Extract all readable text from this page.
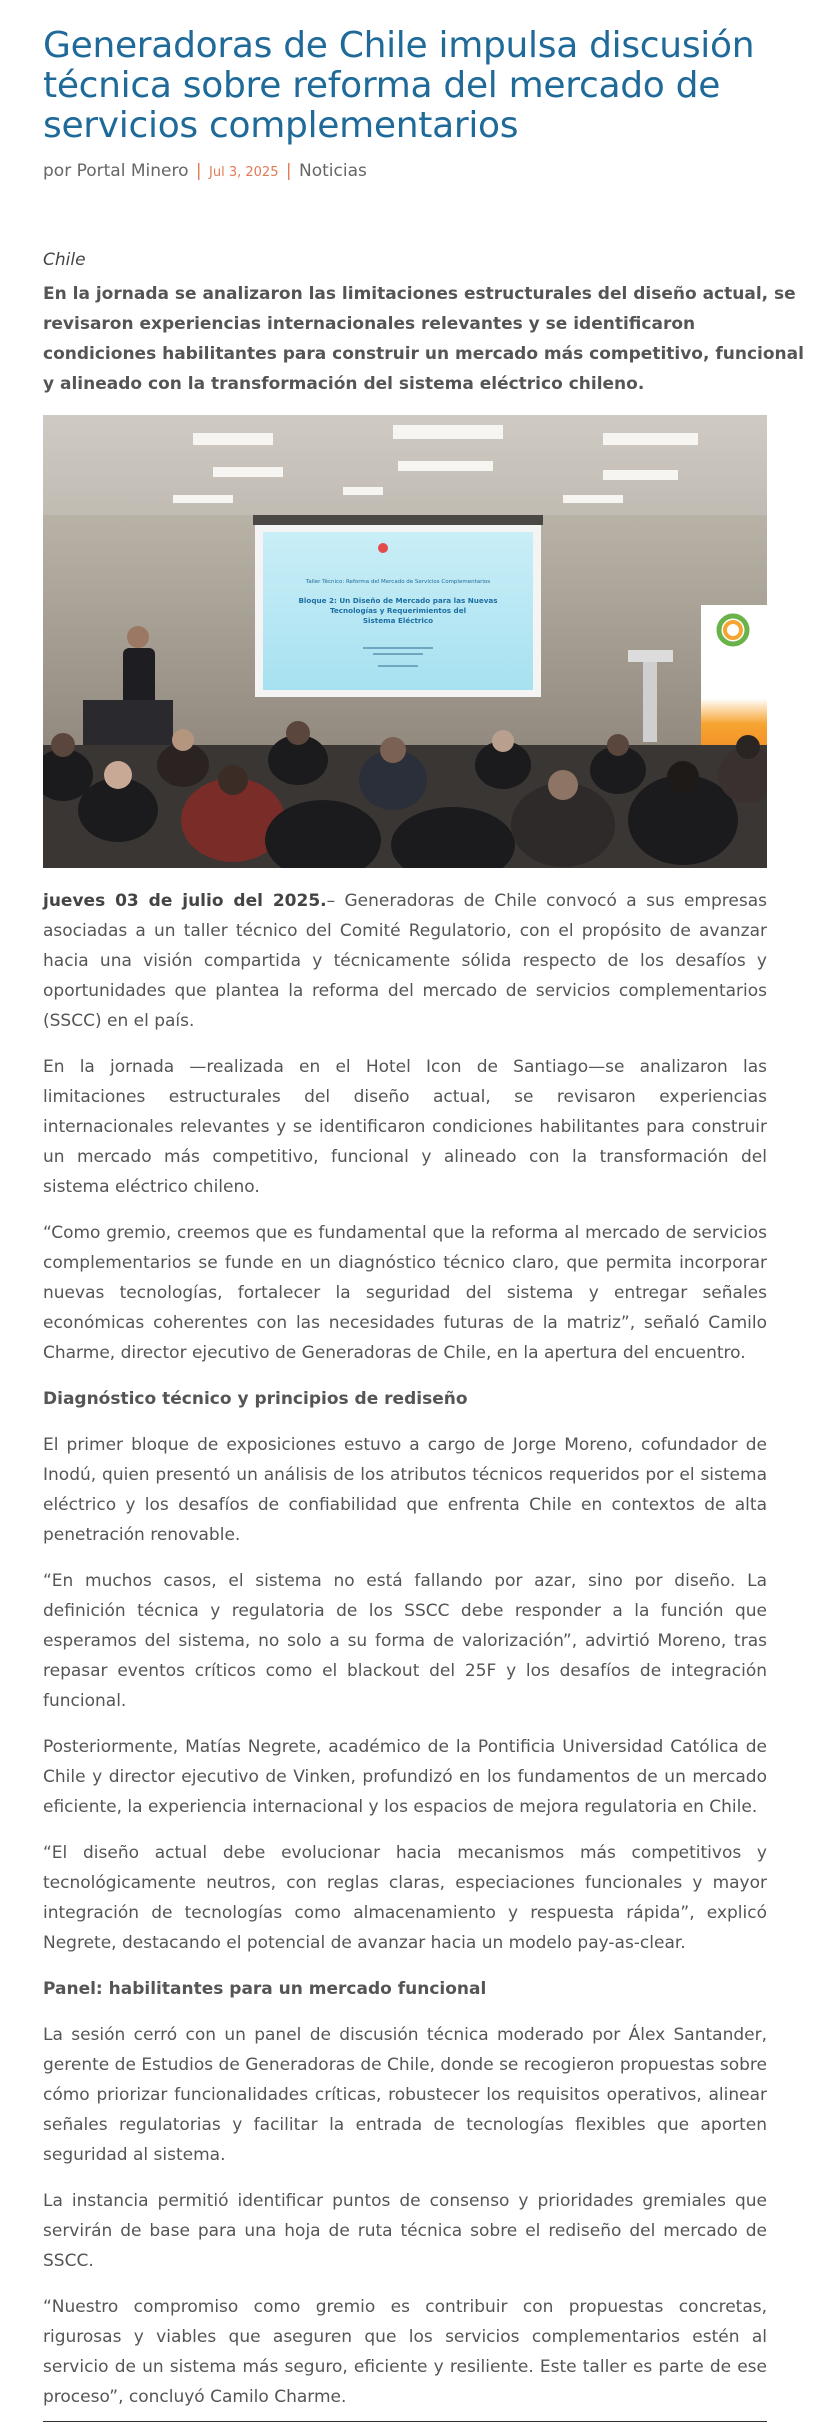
Generadoras de Chile impulsa discusión técnica sobre reforma del mercado de servicios complementarios
por Portal Minero | Jul 3, 2025 | Noticias
Chile
En la jornada se analizaron las limitaciones estructurales del diseño actual, se revisaron experiencias internacionales relevantes y se identificaron condiciones habilitantes para construir un mercado más competitivo, funcional y alineado con la transformación del sistema eléctrico chileno.
Taller Técnico: Reforma del Mercado de Servicios Complementarios
Bloque 2: Un Diseño de Mercado para las Nuevas
Tecnologías y Requerimientos del
Sistema Eléctrico

jueves 03 de julio del 2025.– Generadoras de Chile convocó a sus empresas asociadas a un taller técnico del Comité Regulatorio, con el propósito de avanzar hacia una visión compartida y técnicamente sólida respecto de los desafíos y oportunidades que plantea la reforma del mercado de servicios complementarios (SSCC) en el país.

En la jornada —realizada en el Hotel Icon de Santiago—se analizaron las limitaciones estructurales del diseño actual, se revisaron experiencias internacionales relevantes y se identificaron condiciones habilitantes para construir un mercado más competitivo, funcional y alineado con la transformación del sistema eléctrico chileno.

“Como gremio, creemos que es fundamental que la reforma al mercado de servicios complementarios se funde en un diagnóstico técnico claro, que permita incorporar nuevas tecnologías, fortalecer la seguridad del sistema y entregar señales económicas coherentes con las necesidades futuras de la matriz”, señaló Camilo Charme, director ejecutivo de Generadoras de Chile, en la apertura del encuentro.

Diagnóstico técnico y principios de rediseño

El primer bloque de exposiciones estuvo a cargo de Jorge Moreno, cofundador de Inodú, quien presentó un análisis de los atributos técnicos requeridos por el sistema eléctrico y los desafíos de confiabilidad que enfrenta Chile en contextos de alta penetración renovable.

“En muchos casos, el sistema no está fallando por azar, sino por diseño. La definición técnica y regulatoria de los SSCC debe responder a la función que esperamos del sistema, no solo a su forma de valorización”, advirtió Moreno, tras repasar eventos críticos como el blackout del 25F y los desafíos de integración funcional.

Posteriormente, Matías Negrete, académico de la Pontificia Universidad Católica de Chile y director ejecutivo de Vinken, profundizó en los fundamentos de un mercado eficiente, la experiencia internacional y los espacios de mejora regulatoria en Chile.

“El diseño actual debe evolucionar hacia mecanismos más competitivos y tecnológicamente neutros, con reglas claras, especiaciones funcionales y mayor integración de tecnologías como almacenamiento y respuesta rápida”, explicó Negrete, destacando el potencial de avanzar hacia un modelo pay-as-clear.

Panel: habilitantes para un mercado funcional

La sesión cerró con un panel de discusión técnica moderado por Álex Santander, gerente de Estudios de Generadoras de Chile, donde se recogieron propuestas sobre cómo priorizar funcionalidades críticas, robustecer los requisitos operativos, alinear señales regulatorias y facilitar la entrada de tecnologías flexibles que aporten seguridad al sistema.

La instancia permitió identificar puntos de consenso y prioridades gremiales que servirán de base para una hoja de ruta técnica sobre el rediseño del mercado de SSCC.

“Nuestro compromiso como gremio es contribuir con propuestas concretas, rigurosas y viables que aseguren que los servicios complementarios estén al servicio de un sistema más seguro, eficiente y resiliente. Este taller es parte de ese proceso”, concluyó Camilo Charme.
